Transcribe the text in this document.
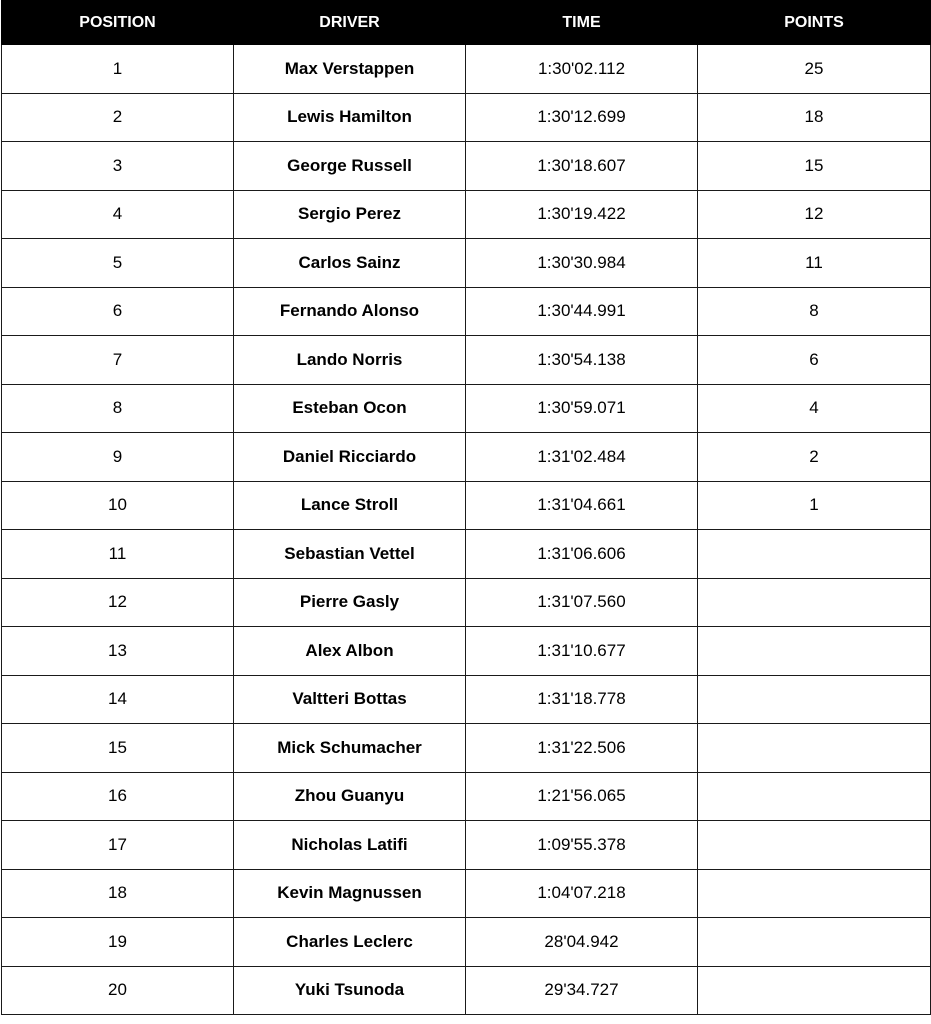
POSITION	DRIVER	TIME	POINTS
1	Max Verstappen	1:30'02.112	25
2	Lewis Hamilton	1:30'12.699	18
3	George Russell	1:30'18.607	15
4	Sergio Perez	1:30'19.422	12
5	Carlos Sainz	1:30'30.984	11
6	Fernando Alonso	1:30'44.991	8
7	Lando Norris	1:30'54.138	6
8	Esteban Ocon	1:30'59.071	4
9	Daniel Ricciardo	1:31'02.484	2
10	Lance Stroll	1:31'04.661	1
11	Sebastian Vettel	1:31'06.606	
12	Pierre Gasly	1:31'07.560	
13	Alex Albon	1:31'10.677	
14	Valtteri Bottas	1:31'18.778	
15	Mick Schumacher	1:31'22.506	
16	Zhou Guanyu	1:21'56.065	
17	Nicholas Latifi	1:09'55.378	
18	Kevin Magnussen	1:04'07.218	
19	Charles Leclerc	28'04.942	
20	Yuki Tsunoda	29'34.727	
